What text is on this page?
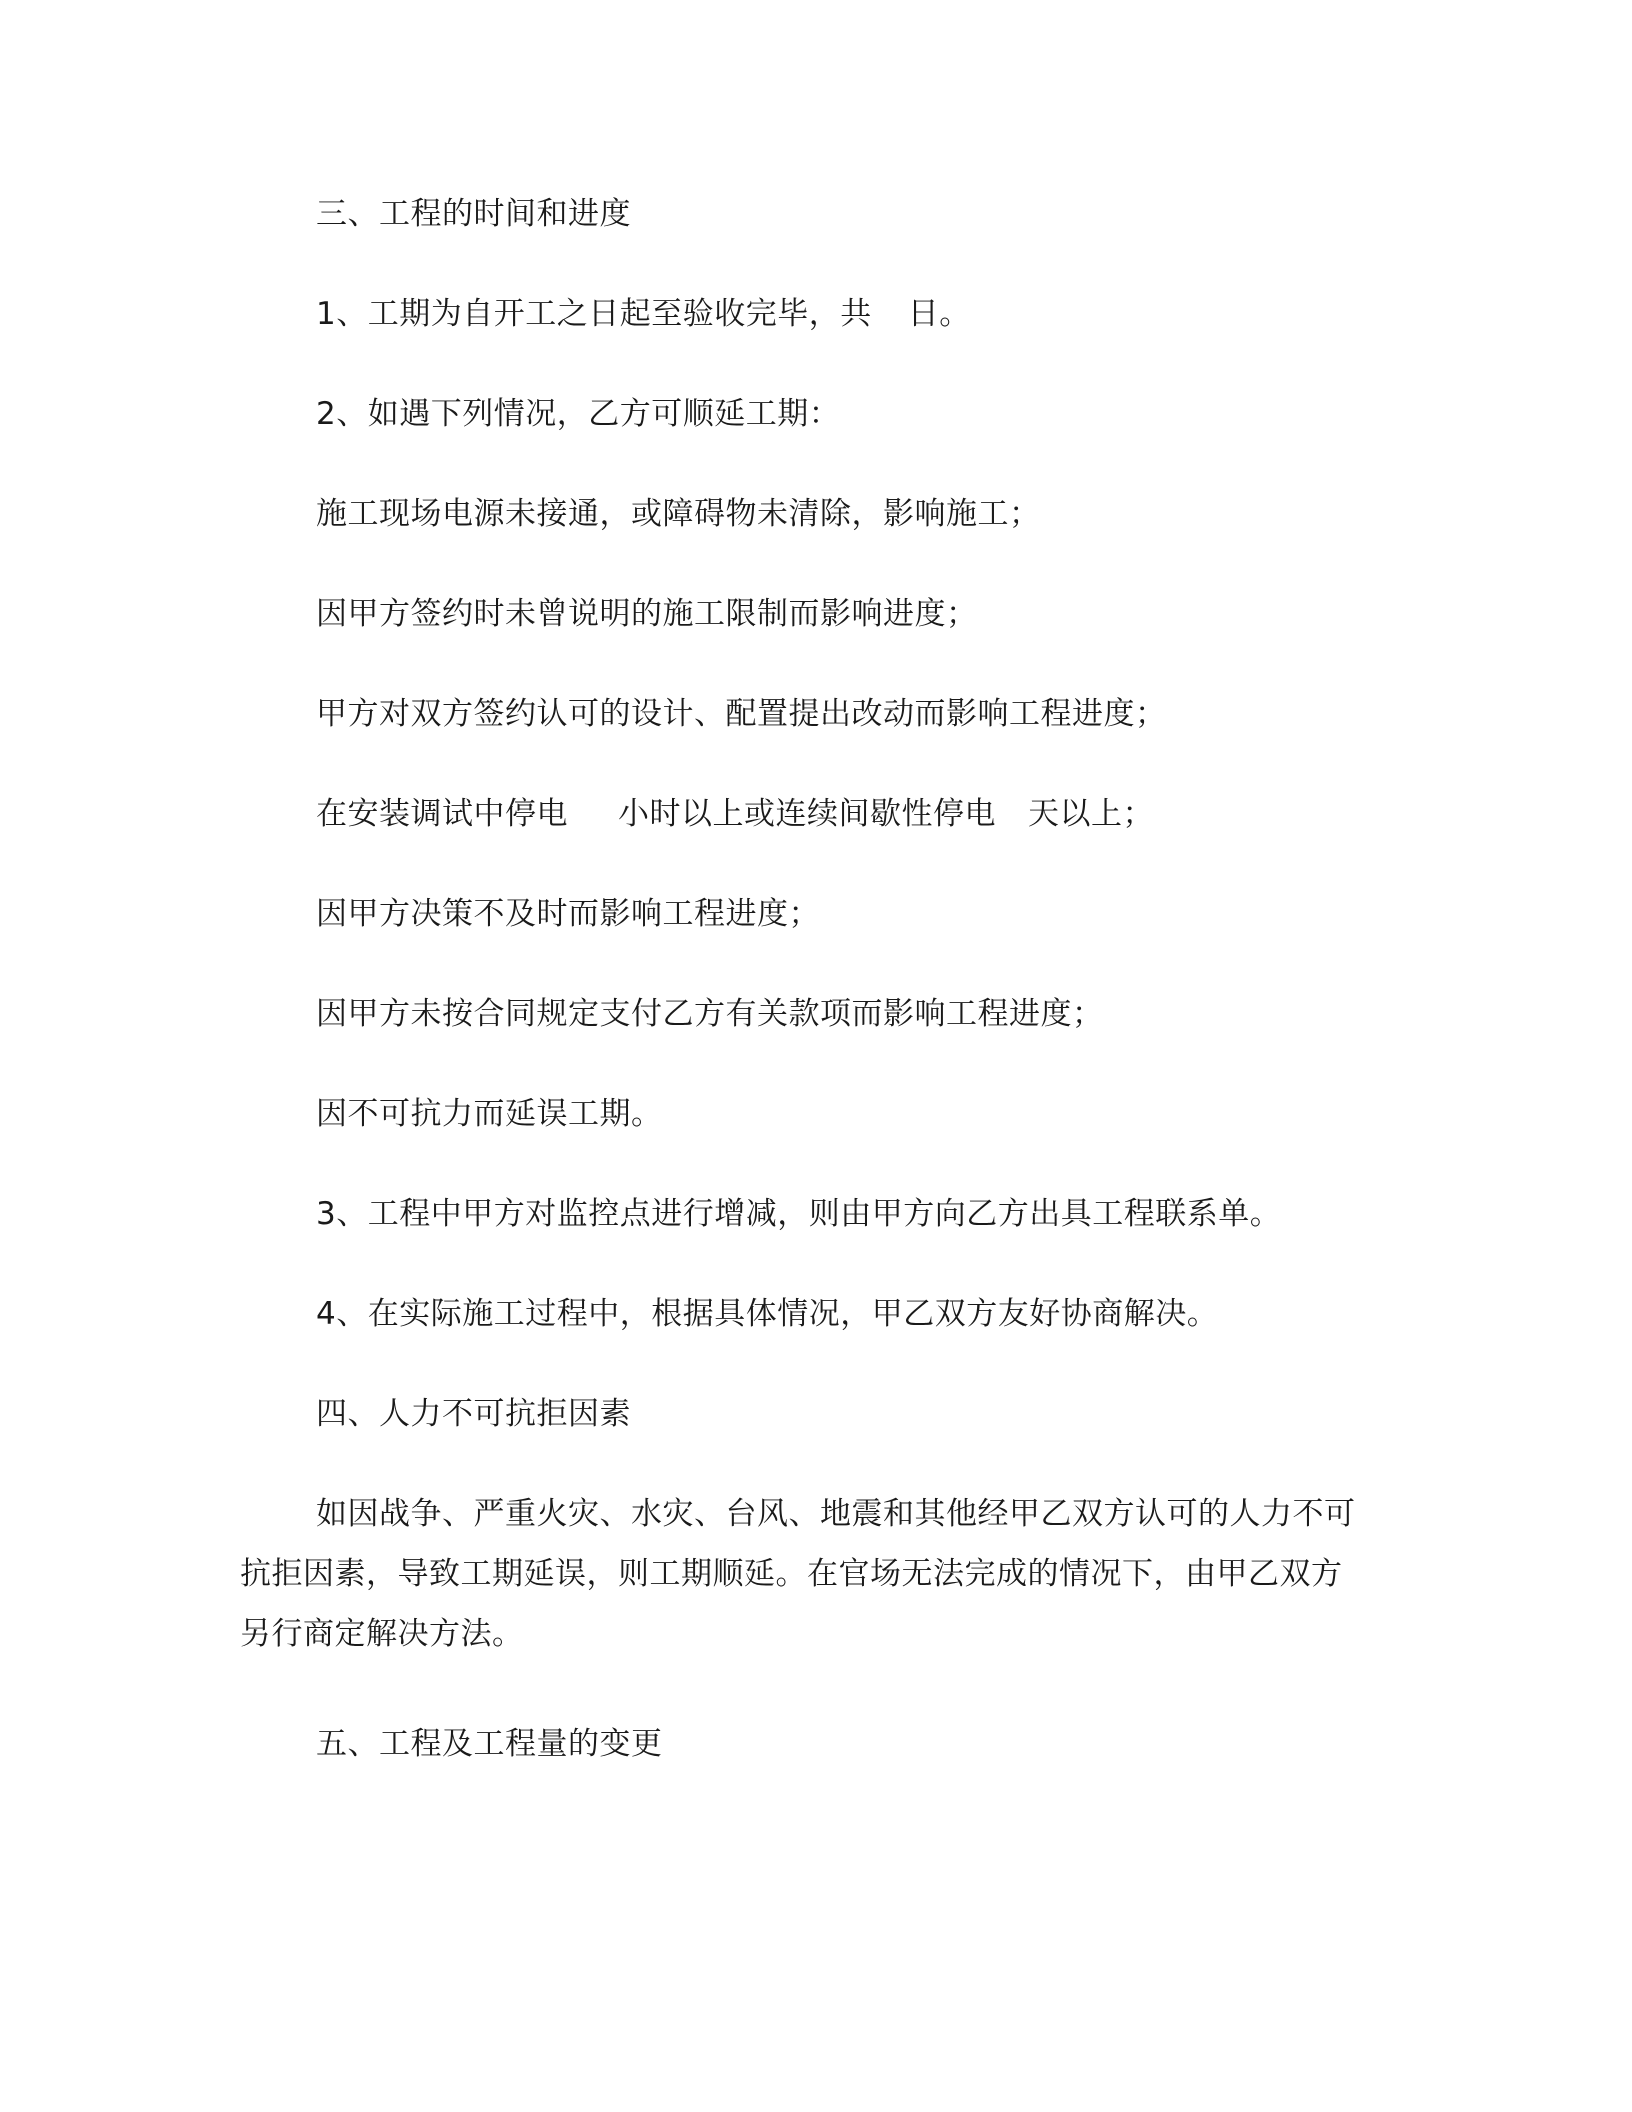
三、工程的时间和进度
1、工期为自开工之日起至验收完毕，共 日。
2、如遇下列情况，乙方可顺延工期：
施工现场电源未接通，或障碍物未清除，影响施工；
因甲方签约时未曾说明的施工限制而影响进度；
甲方对双方签约认可的设计、配置提出改动而影响工程进度；
在安装调试中停电 小时以上或连续间歇性停电 天以上；
因甲方决策不及时而影响工程进度；
因甲方未按合同规定支付乙方有关款项而影响工程进度；
因不可抗力而延误工期。
3、工程中甲方对监控点进行增减，则由甲方向乙方出具工程联系单。
4、在实际施工过程中，根据具体情况，甲乙双方友好协商解决。
四、人力不可抗拒因素
如因战争、严重火灾、水灾、台风、地震和其他经甲乙双方认可的人力不可
抗拒因素，导致工期延误，则工期顺延。在官场无法完成的情况下，由甲乙双方
另行商定解决方法。
五、工程及工程量的变更
